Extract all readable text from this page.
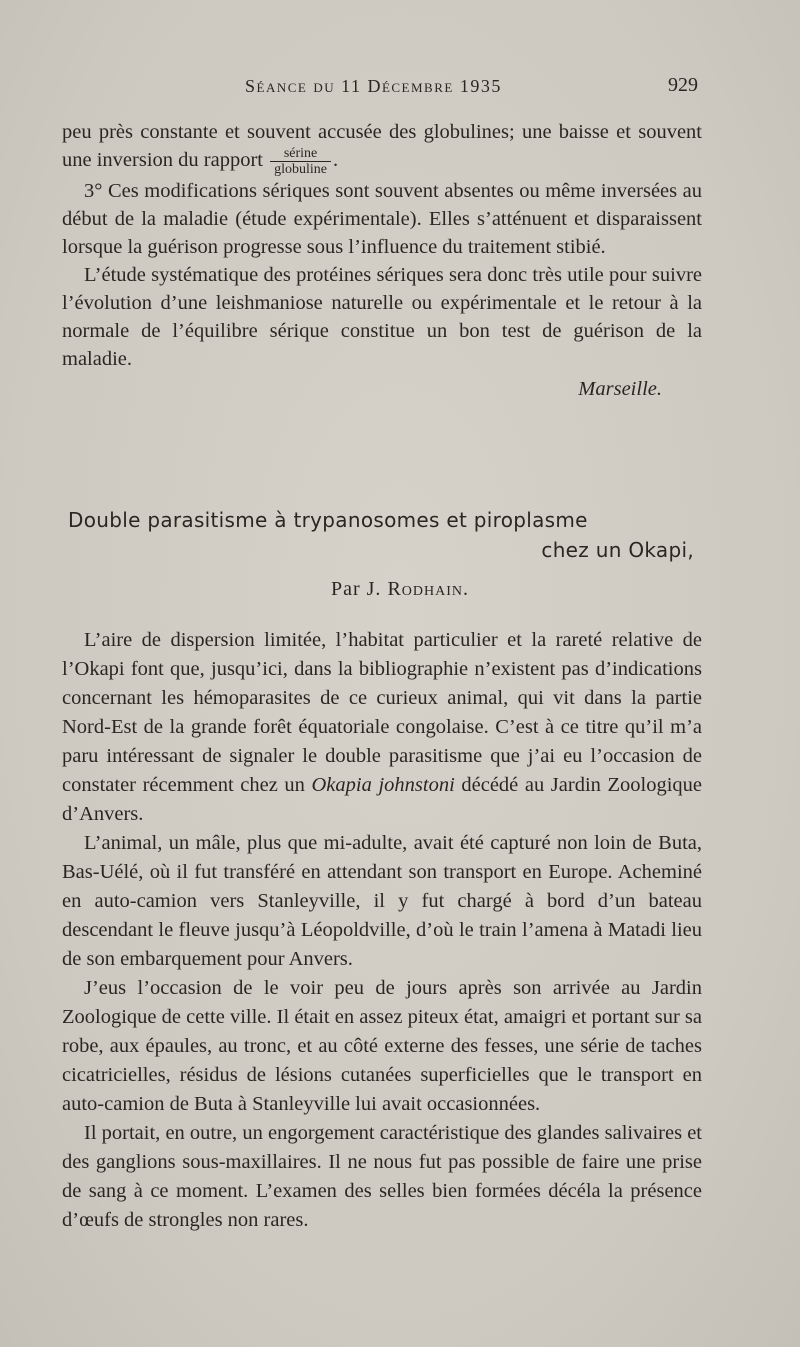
Séance du 11 Décembre 1935	929

peu près constante et souvent accusée des globulines; une baisse et souvent une inversion du rapport $\frac{\text{sérine}}{\text{globuline}}$ .

3° Ces modifications sériques sont souvent absentes ou même inversées au début de la maladie (étude expérimentale). Elles s’atténuent et disparaissent lorsque la guérison progresse sous l’influence du traitement stibié.

L’étude systématique des protéines sériques sera donc très utile pour suivre l’évolution d’une leishmaniose naturelle ou expérimentale et le retour à la normale de l’équilibre sérique constitue un bon test de guérison de la maladie.

Marseille.
Double parasitisme à trypanosomes et piroplasme
chez un Okapi,
Par J. Rodhain.

L’aire de dispersion limitée, l’habitat particulier et la rareté relative de l’Okapi font que, jusqu’ici, dans la bibliographie n’existent pas d’indications concernant les hémoparasites de ce curieux animal, qui vit dans la partie Nord-Est de la grande forêt équatoriale congolaise. C’est à ce titre qu’il m’a paru intéressant de signaler le double parasitisme que j’ai eu l’occasion de constater récemment chez un Okapia johnstoni décédé au Jardin Zoologique d’Anvers.

L’animal, un mâle, plus que mi-adulte, avait été capturé non loin de Buta, Bas-Uélé, où il fut transféré en attendant son transport en Europe. Acheminé en auto-camion vers Stanleyville, il y fut chargé à bord d’un bateau descendant le fleuve jusqu’à Léopoldville, d’où le train l’amena à Matadi lieu de son embarquement pour Anvers.

J’eus l’occasion de le voir peu de jours après son arrivée au Jardin Zoologique de cette ville. Il était en assez piteux état, amaigri et portant sur sa robe, aux épaules, au tronc, et au côté externe des fesses, une série de taches cicatricielles, résidus de lésions cutanées superficielles que le transport en auto-camion de Buta à Stanleyville lui avait occasionnées.

Il portait, en outre, un engorgement caractéristique des glandes salivaires et des ganglions sous-maxillaires. Il ne nous fut pas possible de faire une prise de sang à ce moment. L’examen des selles bien formées décéla la présence d’œufs de strongles non rares.
